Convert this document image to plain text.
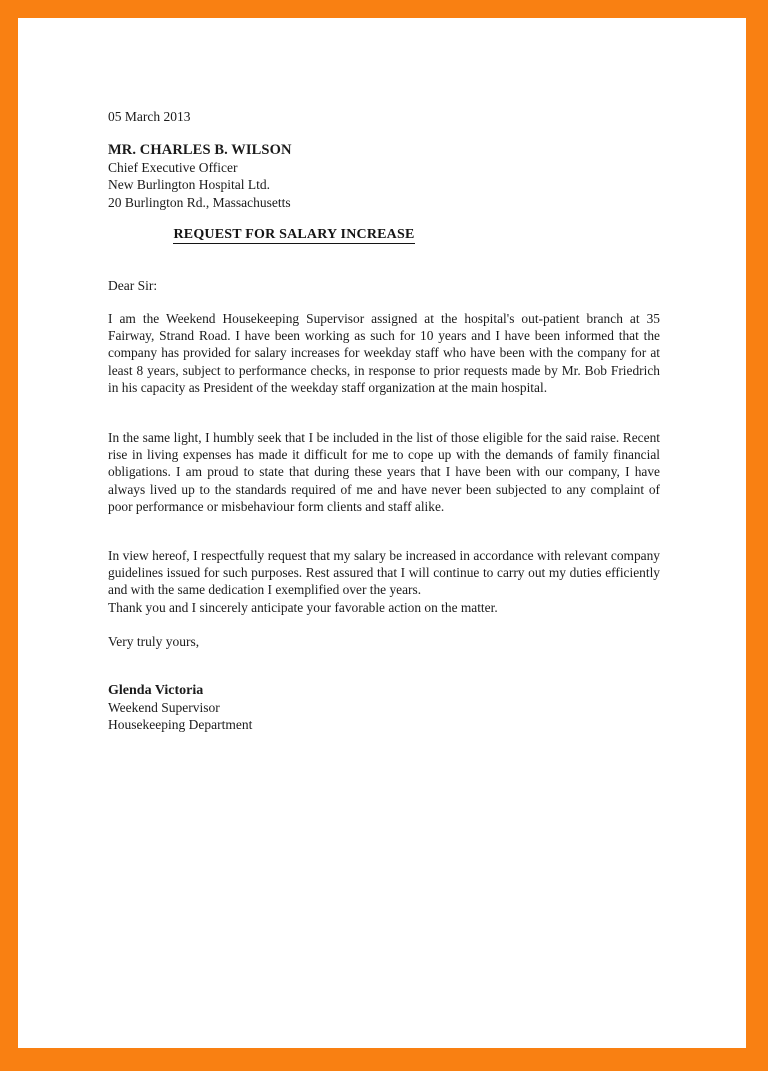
05 March 2013
MR. CHARLES B. WILSON
Chief Executive Officer
New Burlington Hospital Ltd.
20 Burlington Rd., Massachusetts
REQUEST FOR SALARY INCREASE
Dear Sir:
I am the Weekend Housekeeping Supervisor assigned at the hospital's out-patient branch at 35 Fairway, Strand Road. I have been working as such for 10 years and I have been informed that the company has provided for salary increases for weekday staff who have been with the company for at least 8 years, subject to performance checks, in response to prior requests made by Mr. Bob Friedrich in his capacity as President of the weekday staff organization at the main hospital.
In the same light, I humbly seek that I be included in the list of those eligible for the said raise. Recent rise in living expenses has made it difficult for me to cope up with the demands of family financial obligations. I am proud to state that during these years that I have been with our company, I have always lived up to the standards required of me and have never been subjected to any complaint of poor performance or misbehaviour form clients and staff alike.
In view hereof, I respectfully request that my salary be increased in accordance with relevant company guidelines issued for such purposes. Rest assured that I will continue to carry out my duties efficiently and with the same dedication I exemplified over the years.
Thank you and I sincerely anticipate your favorable action on the matter.
Very truly yours,
Glenda Victoria
Weekend Supervisor
Housekeeping Department
